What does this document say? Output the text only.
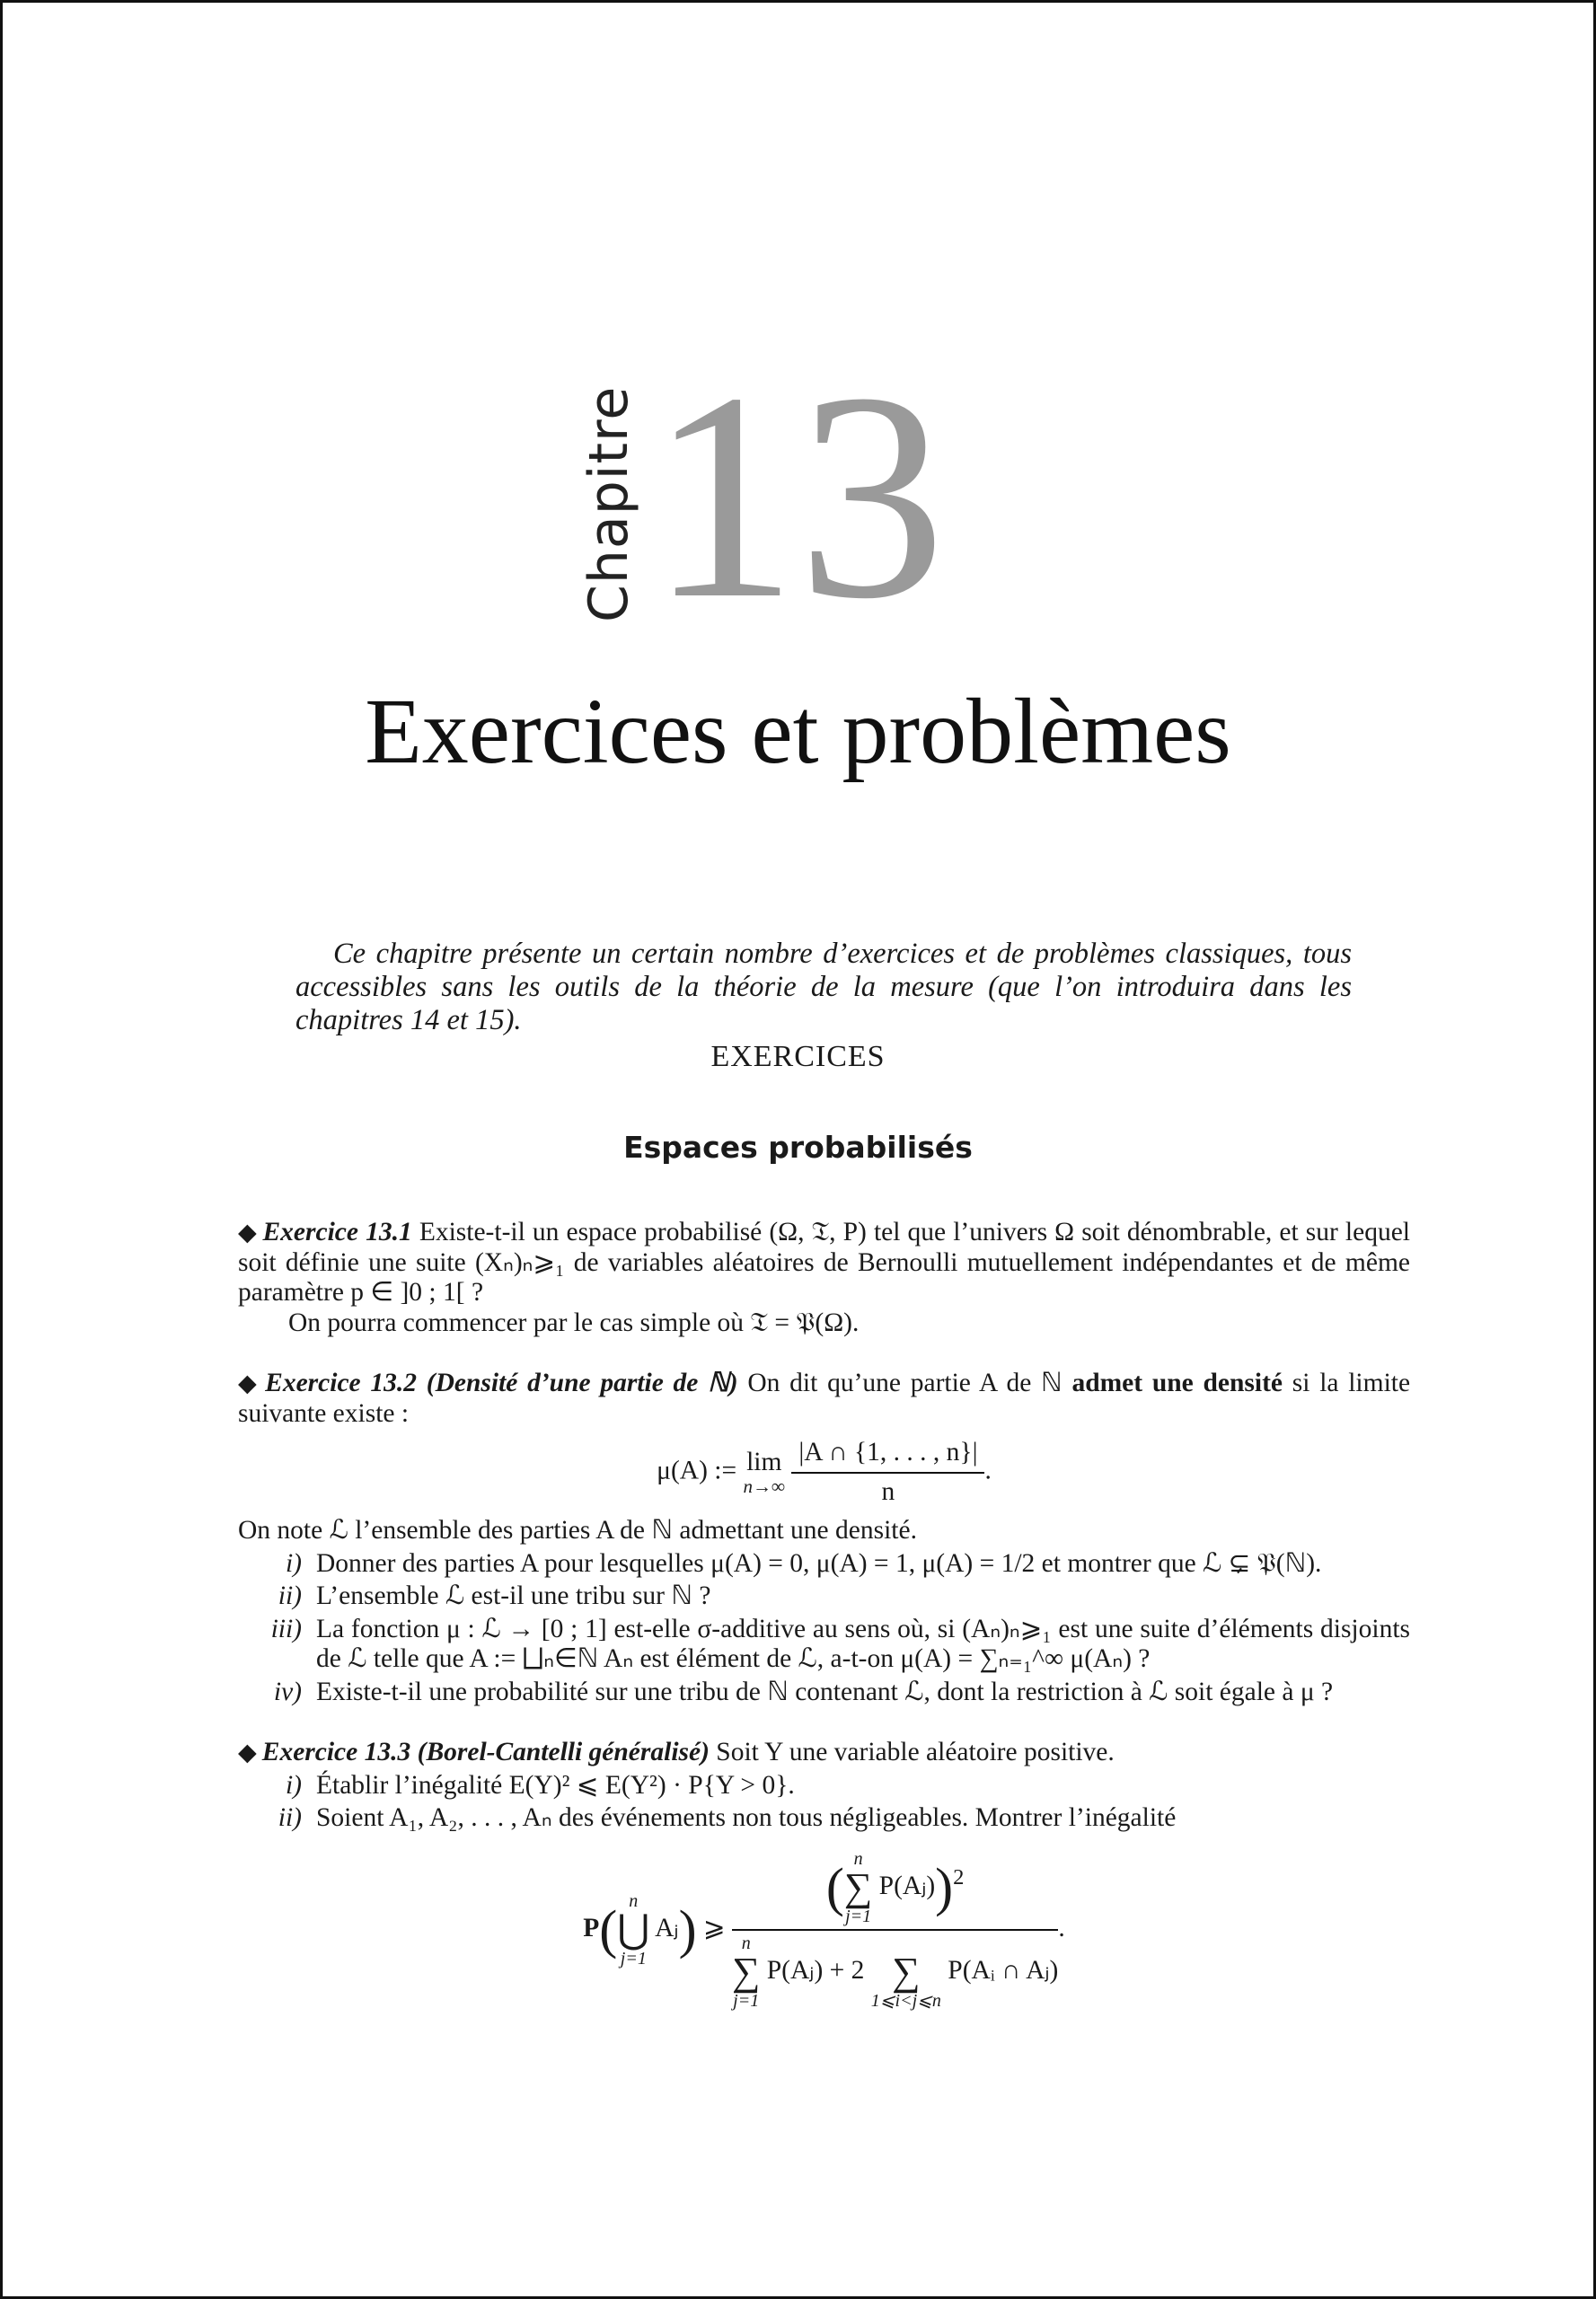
Chapitre 13
Exercices et problèmes

Ce chapitre présente un certain nombre d’exercices et de problèmes classiques, tous accessibles sans les outils de la théorie de la mesure (que l’on introduira dans les chapitres 14 et 15).

EXERCICES
Espaces probabilisés

◆ Exercice 13.1 Existe-t-il un espace probabilisé (Ω, 𝔗, P) tel que l’univers Ω soit dénombrable, et sur lequel soit définie une suite (Xₙ)ₙ⩾₁ de variables aléatoires de Bernoulli mutuellement indépendantes et de même paramètre p ∈ ]0 ; 1[ ?

On pourra commencer par le cas simple où 𝔗 = 𝔓(Ω).

◆ Exercice 13.2 (Densité d’une partie de ℕ) On dit qu’une partie A de ℕ admet une densité si la limite suivante existe :

μ(A) := lim
n→∞
$\frac{|A \cap \{1, . . . , n\}|}{n}$ .

On note ℒ l’ensemble des parties A de ℕ admettant une densité.

i) Donner des parties A pour lesquelles μ(A) = 0, μ(A) = 1, μ(A) = 1/2 et montrer que ℒ ⊊ 𝔓(ℕ).
ii) L’ensemble ℒ est-il une tribu sur ℕ ?
iii) La fonction μ : ℒ → [0 ; 1] est-elle σ-additive au sens où, si (Aₙ)ₙ⩾₁ est une suite d’éléments disjoints de ℒ telle que A := ⨆ₙ∈ℕ Aₙ est élément de ℒ, a-t-on μ(A) = ∑ₙ₌₁^∞ μ(Aₙ) ?
iv) Existe-t-il une probabilité sur une tribu de ℕ contenant ℒ, dont la restriction à ℒ soit égale à μ ?

◆ Exercice 13.3 (Borel-Cantelli généralisé) Soit Y une variable aléatoire positive.

i) Établir l’inégalité E(Y)² ⩽ E(Y²) · P{Y > 0}.
ii) Soient A₁, A₂, . . . , Aₙ des événements non tous négligeables. Montrer l’inégalité
P( n
⋃
j=1
Aⱼ) ⩾
( n
∑
j=1
P(Aⱼ))$^2$
n
∑
j=1
P(Aⱼ) + 2
∑
1⩽i<j⩽n
P(Aᵢ ∩ Aⱼ)
.
